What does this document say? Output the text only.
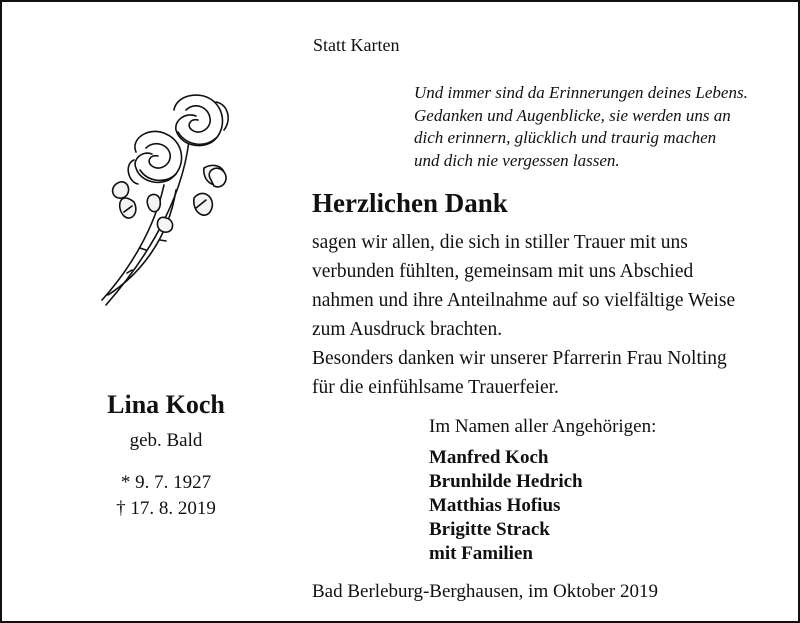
Lina Koch
geb. Bald
* 9. 7. 1927
† 17. 8. 2019
Statt Karten
Und immer sind da Erinnerungen deines Lebens.
Gedanken und Augenblicke, sie werden uns an
dich erinnern, glücklich und traurig machen
und dich nie vergessen lassen.
Herzlichen Dank

sagen wir allen, die sich in stiller Trauer mit uns

verbunden fühlten, gemeinsam mit uns Abschied

nahmen und ihre Anteilnahme auf so vielfältige Weise

zum Ausdruck brachten.

Besonders danken wir unserer Pfarrerin Frau Nolting

für die einfühlsame Trauerfeier.

Im Namen aller Angehörigen:
Manfred Koch
Brunhilde Hedrich
Matthias Hofius
Brigitte Strack
mit Familien
Bad Berleburg-Berghausen, im Oktober 2019
